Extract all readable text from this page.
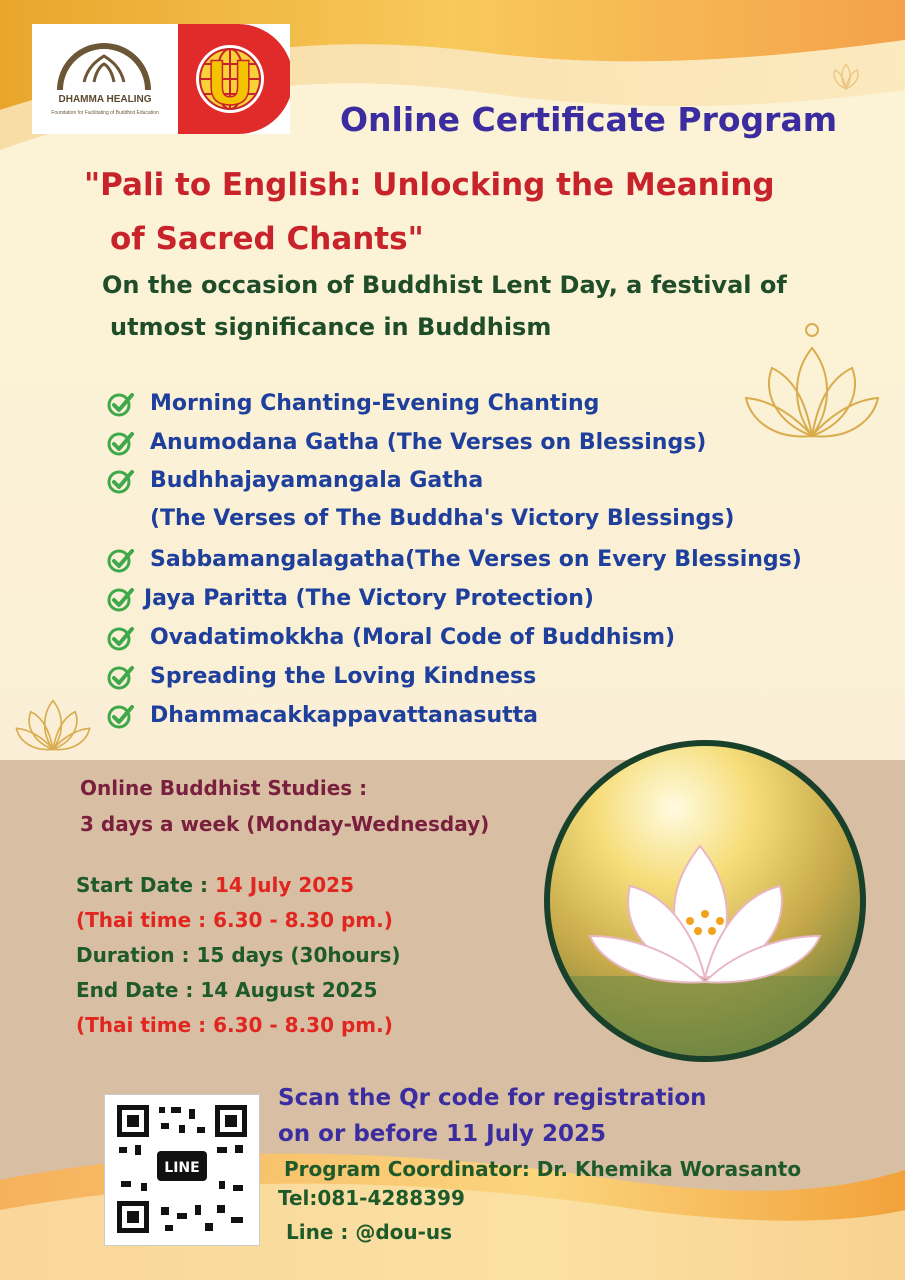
DHAMMA HEALING
Foundation for Facilitating of Buddhist Education U
Online Certificate Program
"Pali to English: Unlocking the Meaning
of Sacred Chants"
On the occasion of Buddhist Lent Day, a festival of
utmost significance in Buddhism
Morning Chanting-Evening Chanting
Anumodana Gatha (The Verses on Blessings)
Budhhajayamangala Gatha
(The Verses of The Buddha's Victory Blessings)
Sabbamangalagatha(The Verses on Every Blessings)
Jaya Paritta (The Victory Protection)
Ovadatimokkha (Moral Code of Buddhism)
Spreading the Loving Kindness
Dhammacakkappavattanasutta
Online Buddhist Studies :
3 days a week (Monday-Wednesday)
Start Date : 14 July 2025
(Thai time : 6.30 - 8.30 pm.)
Duration : 15 days (30hours)
End Date : 14 August 2025
(Thai time : 6.30 - 8.30 pm.)
LINE
Scan the Qr code for registration
on or before 11 July 2025
Program Coordinator: Dr. Khemika Worasanto
Tel:081-4288399
Line : @dou-us
